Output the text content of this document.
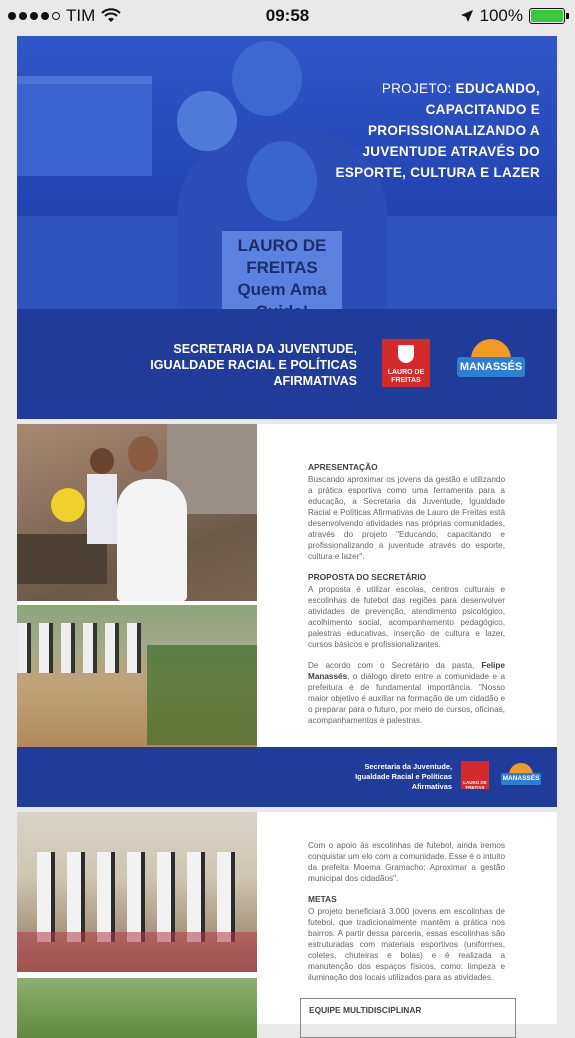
TIM	09:58	100%
LAURO DE FREITAS Quem Ama
PROJETO: EDUCANDO, CAPACITANDO E PROFISSIONALIZANDO A JUVENTUDE ATRAVÉS DO ESPORTE, CULTURA E LAZER
SECRETARIA DA JUVENTUDE, IGUALDADE RACIAL E POLÍTICAS AFIRMATIVAS
LAURO DE FREITAS
MANASSÉS
APRESENTAÇÃO

Buscando aproximar os jovens da gestão e utilizando a prática esportiva como uma ferramenta para a educação, a Secretaria da Juventude, Igualdade Racial e Políticas Afirmativas de Lauro de Freitas está desenvolvendo atividades nas próprias comunidades, através do projeto "Educando, capacitando e profissionalizando a juventude através do esporte, cultura e lazer".

PROPOSTA DO SECRETÁRIO

A proposta é utilizar escolas, centros culturais e escolinhas de futebol das regiões para desenvolver atividades de prevenção, atendimento psicológico, acolhimento social, acompanhamento pedagógico, palestras educativas, inserção de cultura e lazer, cursos básicos e profissionalizantes.

De acordo com o Secretário da pasta, Felipe Manassés, o diálogo direto entre a comunidade e a prefeitura é de fundamental importância. "Nosso maior objetivo é auxiliar na formação de um cidadão e o preparar para o futuro, por meio de cursos, oficinas, acompanhamentos e palestras.

Secretaria da Juventude, Igualdade Racial e Políticas Afirmativas	LAURO DE FREITAS
MANASSÉS

Com o apoio às escolinhas de futebol, ainda iremos conquistar um elo com a comunidade. Esse é o intuito da prefeita Moema Gramacho: Aproximar a gestão municipal dos cidadãos".

METAS

O projeto beneficiará 3.000 jovens em escolinhas de futebol, que tradicionalmente mantêm a prática nos bairros. A partir dessa parceria, essas escolinhas são estruturadas com materiais esportivos (uniformes, coletes, chuteiras e bolas) e é realizada a manutenção dos espaços físicos, como: limpeza e iluminação dos locais utilizados para as atividades.

EQUIPE MULTIDISCIPLINAR
